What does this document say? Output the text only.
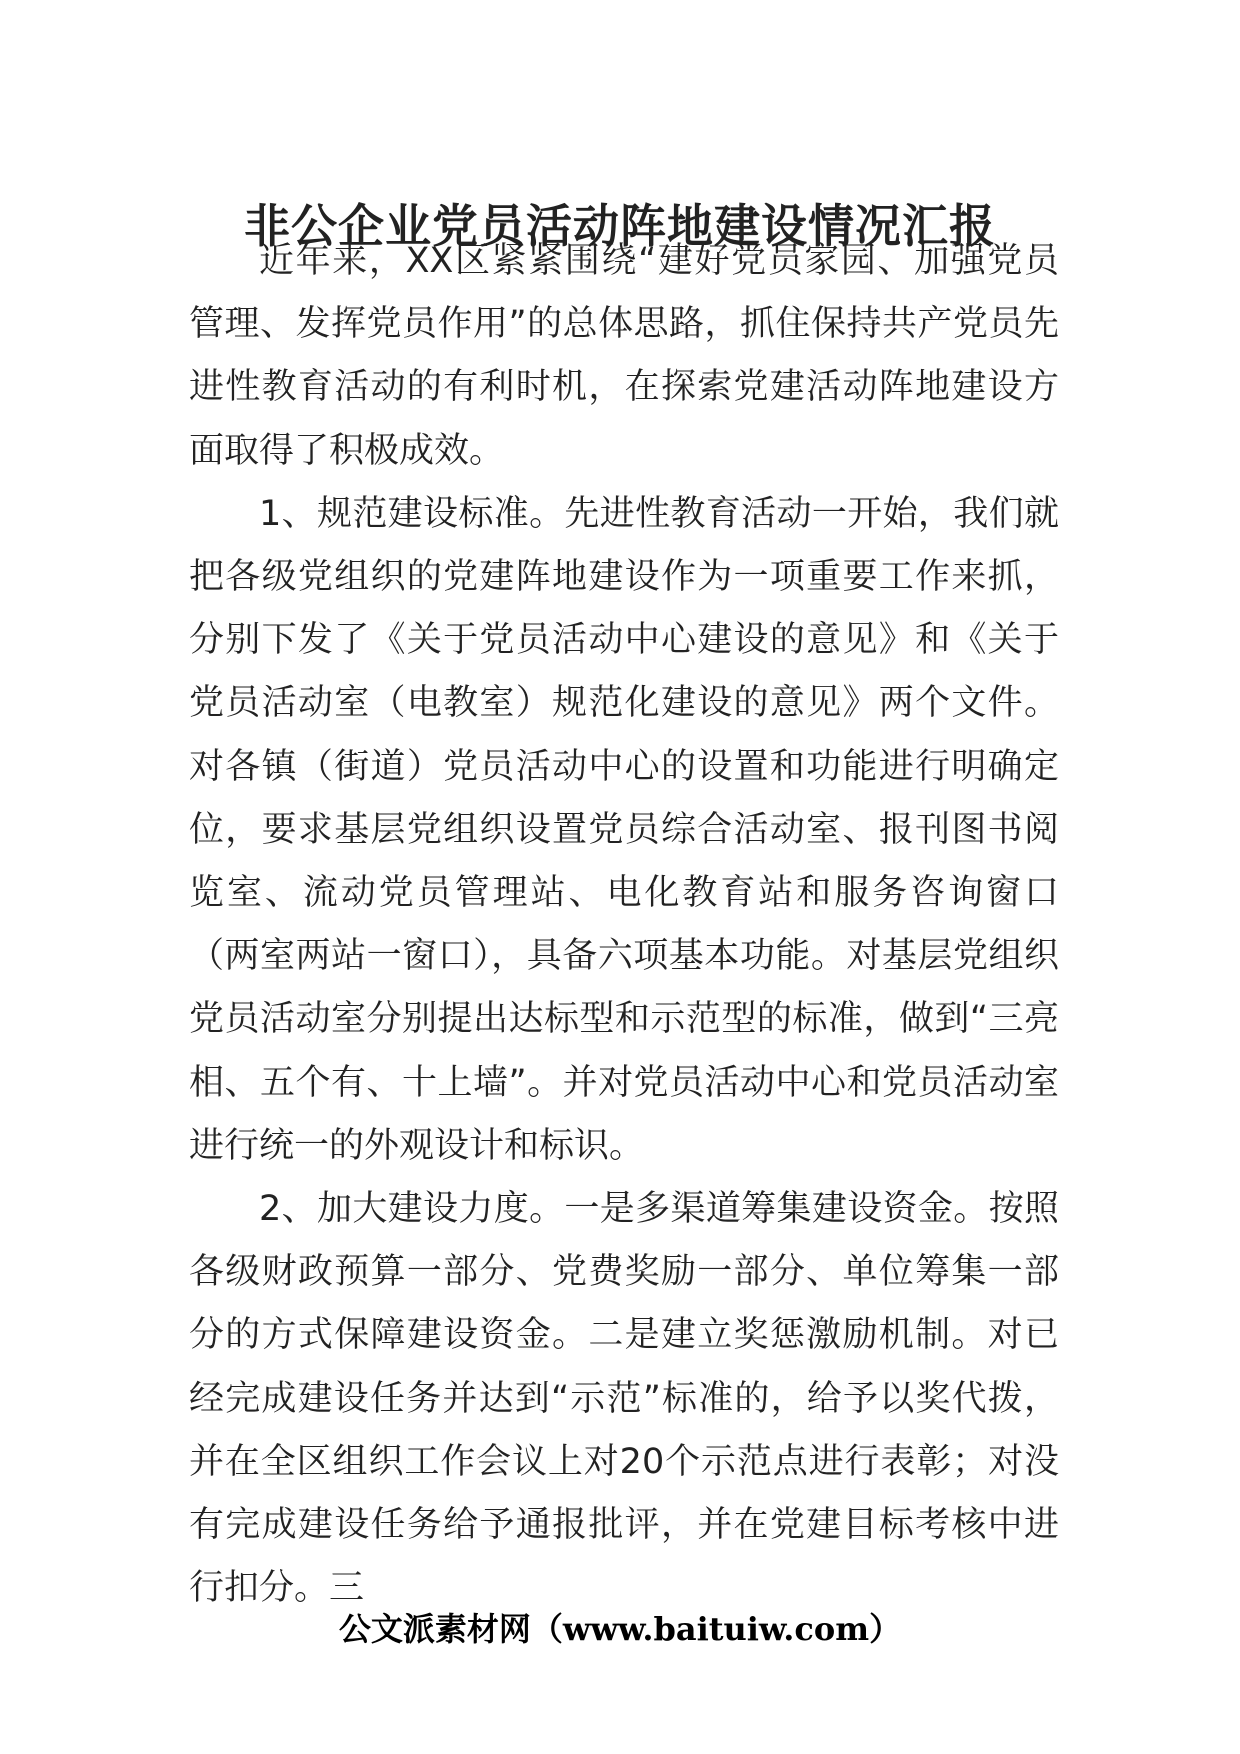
非公企业党员活动阵地建设情况汇报

近年来，XX区紧紧围绕“建好党员家园、加强党员管理、发挥党员作用”的总体思路，抓住保持共产党员先进性教育活动的有利时机，在探索党建活动阵地建设方面取得了积极成效。

1、规范建设标准。先进性教育活动一开始，我们就把各级党组织的党建阵地建设作为一项重要工作来抓，分别下发了《关于党员活动中心建设的意见》和《关于党员活动室（电教室）规范化建设的意见》两个文件。对各镇（街道）党员活动中心的设置和功能进行明确定位，要求基层党组织设置党员综合活动室、报刊图书阅览室、流动党员管理站、电化教育站和服务咨询窗口（两室两站一窗口），具备六项基本功能。对基层党组织党员活动室分别提出达标型和示范型的标准，做到“三亮相、五个有、十上墙”。并对党员活动中心和党员活动室进行统一的外观设计和标识。

2、加大建设力度。一是多渠道筹集建设资金。按照各级财政预算一部分、党费奖励一部分、单位筹集一部分的方式保障建设资金。二是建立奖惩激励机制。对已经完成建设任务并达到“示范”标准的，给予以奖代拨，并在全区组织工作会议上对20个示范点进行表彰；对没有完成建设任务给予通报批评，并在党建目标考核中进行扣分。三

公文派素材网（www.baituiw.com）
